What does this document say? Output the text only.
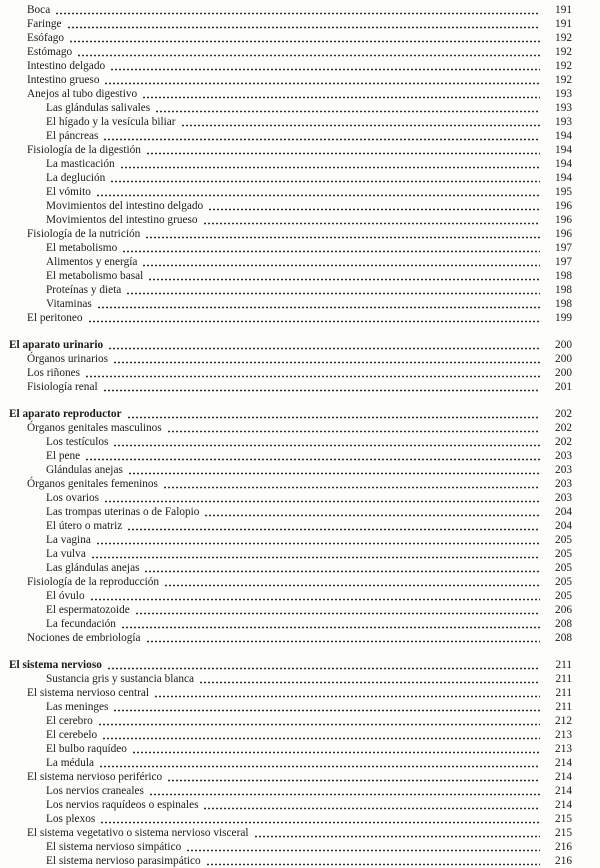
Boca	191
Faringe	191
Esófago	192
Estómago	192
Intestino delgado	192
Intestino grueso	192
Anejos al tubo digestivo	193
Las glándulas salivales	193
El hígado y la vesícula biliar	193
El páncreas	194
Fisiología de la digestión	194
La masticación	194
La deglución	194
El vómito	195
Movimientos del intestino delgado	196
Movimientos del intestino grueso	196
Fisiología de la nutrición	196
El metabolismo	197
Alimentos y energía	197
El metabolismo basal	198
Proteínas y dieta	198
Vitaminas	198
El peritoneo	199
El aparato urinario	200
Órganos urinarios	200
Los riñones	200
Fisiología renal	201
El aparato reproductor	202
Órganos genitales masculinos	202
Los testículos	202
El pene	203
Glándulas anejas	203
Órganos genitales femeninos	203
Los ovarios	203
Las trompas uterinas o de Falopio	204
El útero o matriz	204
La vagina	205
La vulva	205
Las glándulas anejas	205
Fisiología de la reproducción	205
El óvulo	205
El espermatozoide	206
La fecundación	208
Nociones de embriología	208
El sistema nervioso	211
Sustancia gris y sustancia blanca	211
El sistema nervioso central	211
Las meninges	211
El cerebro	212
El cerebelo	213
El bulbo raquídeo	213
La médula	214
El sistema nervioso periférico	214
Los nervios craneales	214
Los nervios raquídeos o espinales	214
Los plexos	215
El sistema vegetativo o sistema nervioso visceral	215
El sistema nervioso simpático	216
El sistema nervioso parasimpático	216
